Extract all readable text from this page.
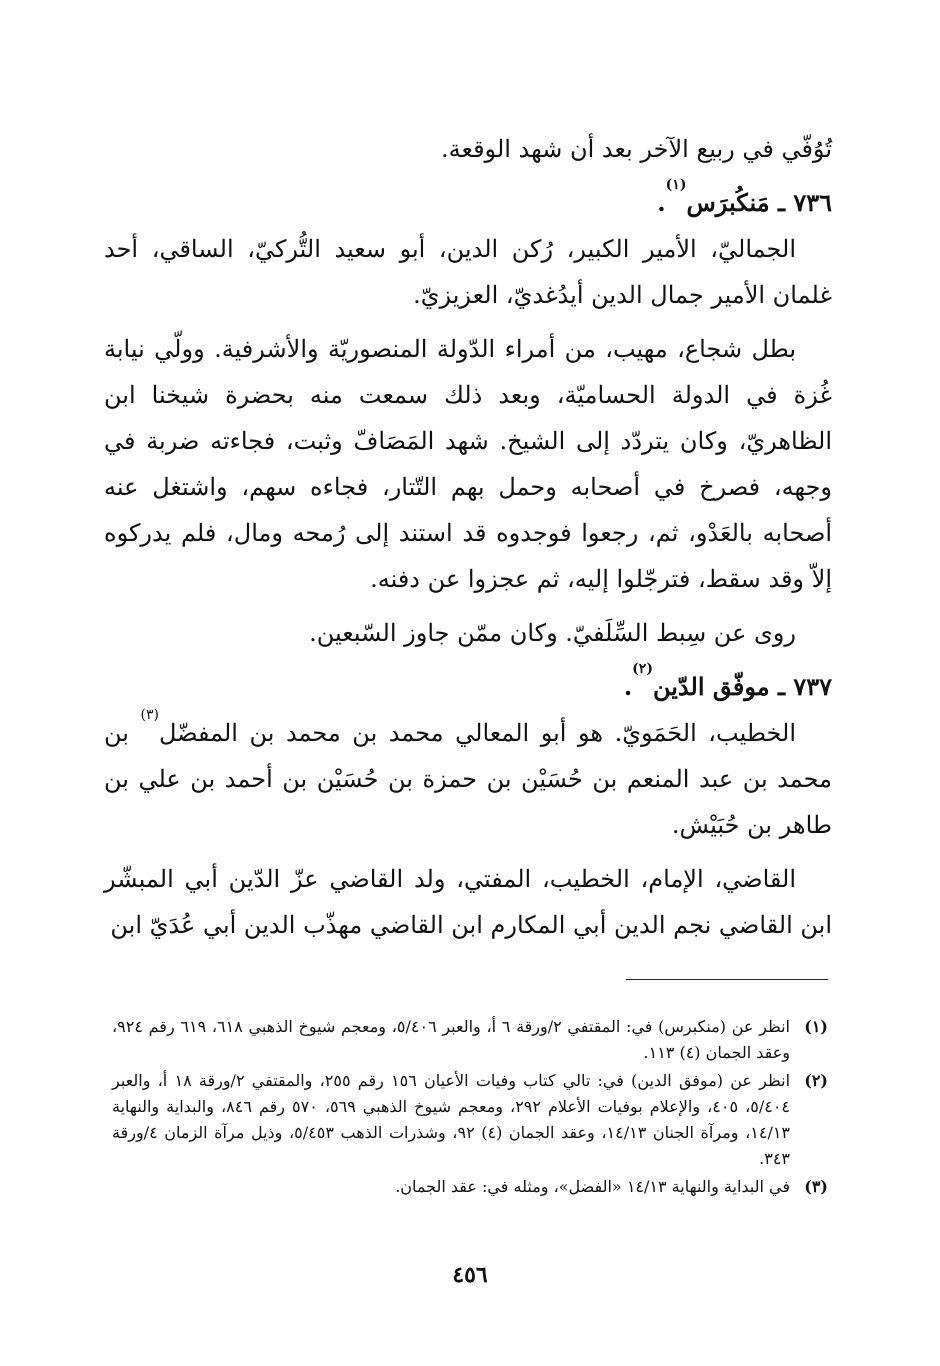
تُوُفّي في ربيع الآخر بعد أن شهد الوقعة.

٧٣٦ ـ مَنكُبرَس$^{(١)}$.

الجماليّ، الأمير الكبير، رُكن الدين، أبو سعيد التُّركيّ، الساقي، أحد غلمان الأمير جمال الدين أيدُغديّ، العزيزيّ.

بطل شجاع، مهيب، من أمراء الدّولة المنصوريّة والأشرفية. وولّي نيابة غُزة في الدولة الحساميّة، وبعد ذلك سمعت منه بحضرة شيخنا ابن الظاهريّ، وكان يتردّد إلى الشيخ. شهد المَصَافّ وثبت، فجاءته ضربة في وجهه، فصرخ في أصحابه وحمل بهم التّتار، فجاءه سهم، واشتغل عنه أصحابه بالعَدْو، ثم، رجعوا فوجدوه قد استند إلى رُمحه ومال، فلم يدركوه إلاّ وقد سقط، فترجّلوا إليه، ثم عجزوا عن دفنه.

روى عن سِبط السِّلَفيّ. وكان ممّن جاوز السّبعين.

٧٣٧ ـ موفّق الدّين$^{(٢)}$.

الخطيب، الحَمَويّ. هو أبو المعالي محمد بن محمد بن المفضّل$^{(٣)}$ بن محمد بن عبد المنعم بن حُسَيْن بن حمزة بن حُسَيْن بن أحمد بن علي بن طاهر بن حُبَيْش.

القاضي، الإمام، الخطيب، المفتي، ولد القاضي عزّ الدّين أبي المبشّر ابن القاضي نجم الدين أبي المكارم ابن القاضي مهذّب الدين أبي عُدَيّ ابن

(١)
انظر عن (منكبرس) في: المقتفي ٢/ورقة ٦ أ، والعبر ٥/٤٠٦، ومعجم شيوخ الذهبي ٦١٨، ٦١٩ رقم ٩٢٤، وعقد الجمان (٤) ١١٣.
(٢)
انظر عن (موفق الدين) في: تالي كتاب وفيات الأعيان ١٥٦ رقم ٢٥٥، والمقتفي ٢/ورقة ١٨ أ، والعبر ٥/٤٠٤، ٤٠٥، والإعلام بوفيات الأعلام ٢٩٢، ومعجم شيوخ الذهبي ٥٦٩، ٥٧٠ رقم ٨٤٦، والبداية والنهاية ١٤/١٣، ومرآة الجنان ١٤/١٣، وعقد الجمان (٤) ٩٢، وشذرات الذهب ٥/٤٥٣، وذيل مرآة الزمان ٤/ورقة ٣٤٣.
(٣)
في البداية والنهاية ١٤/١٣ «الفضل»، ومثله في: عقد الجمان.
٤٥٦
